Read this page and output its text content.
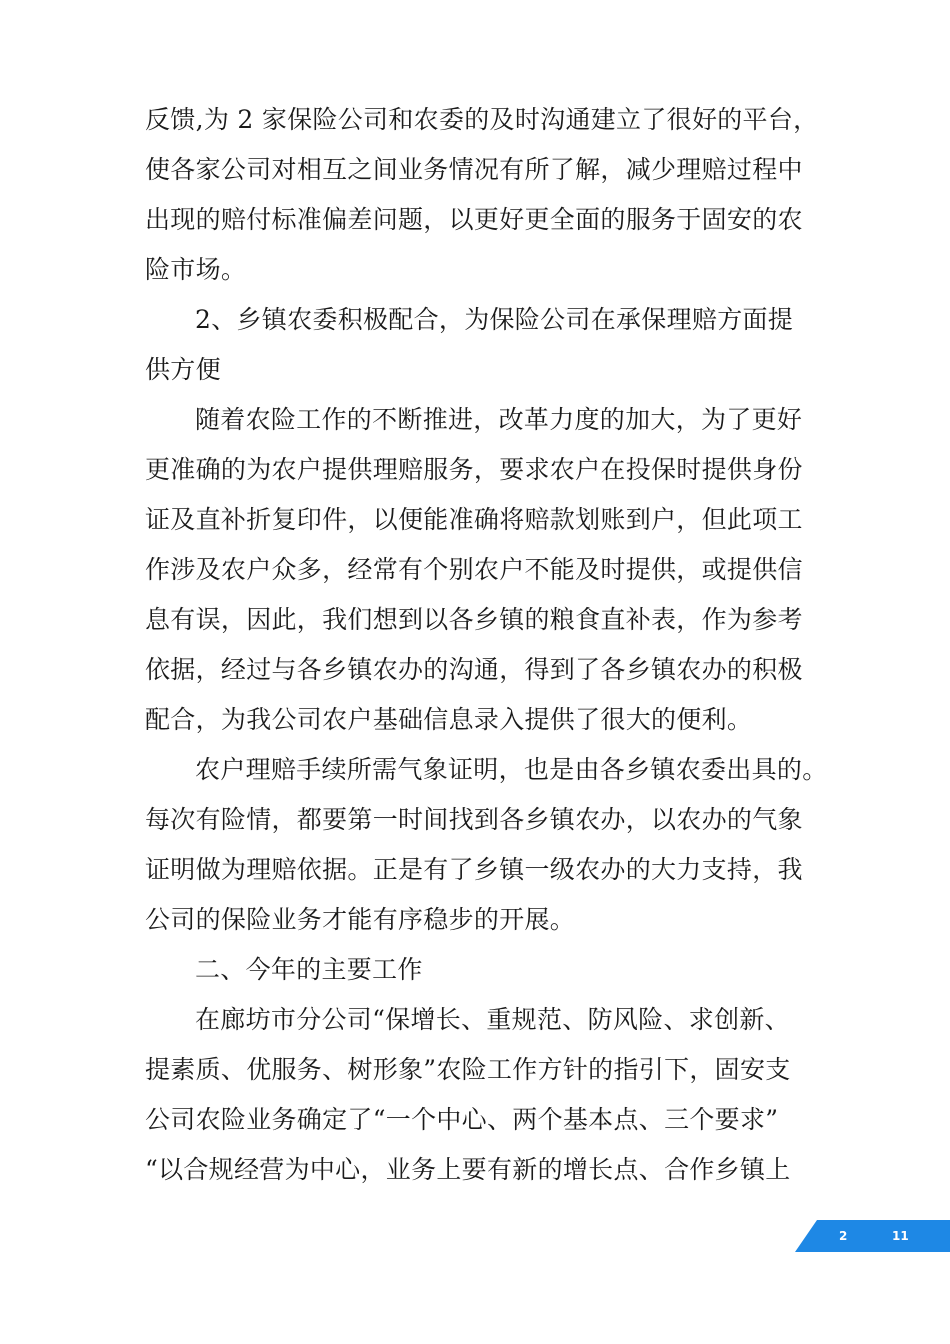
反馈,为 2 家保险公司和农委的及时沟通建立了很好的平台，
使各家公司对相互之间业务情况有所了解，减少理赔过程中
出现的赔付标准偏差问题，以更好更全面的服务于固安的农
险市场。
2、乡镇农委积极配合，为保险公司在承保理赔方面提
供方便
随着农险工作的不断推进，改革力度的加大，为了更好
更准确的为农户提供理赔服务，要求农户在投保时提供身份
证及直补折复印件，以便能准确将赔款划账到户，但此项工
作涉及农户众多，经常有个别农户不能及时提供，或提供信
息有误，因此，我们想到以各乡镇的粮食直补表，作为参考
依据，经过与各乡镇农办的沟通，得到了各乡镇农办的积极
配合，为我公司农户基础信息录入提供了很大的便利。
农户理赔手续所需气象证明，也是由各乡镇农委出具的。
每次有险情，都要第一时间找到各乡镇农办，以农办的气象
证明做为理赔依据。正是有了乡镇一级农办的大力支持，我
公司的保险业务才能有序稳步的开展。
二、今年的主要工作
在廊坊市分公司“保增长、重规范、防风险、求创新、
提素质、优服务、树形象”农险工作方针的指引下，固安支
公司农险业务确定了“一个中心、两个基本点、三个要求”
“以合规经营为中心，业务上要有新的增长点、合作乡镇上
2	11
